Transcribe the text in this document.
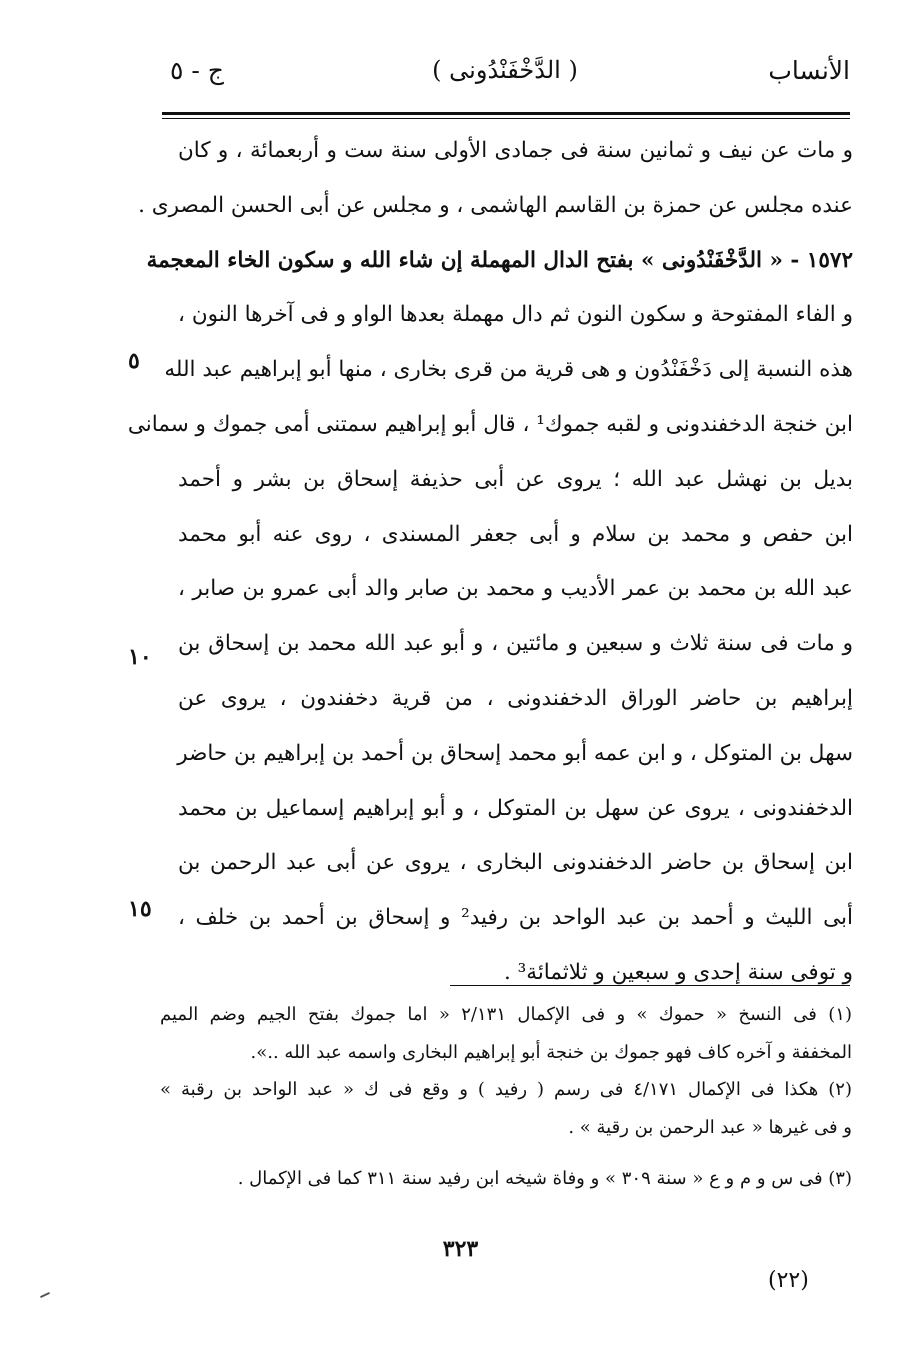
الأنساب
( الدَّخْفَنْدُونى )
ج - ٥
و مات عن نيف و ثمانين سنة فى جمادى الأولى سنة ست و أربعمائة ، و كان
عنده مجلس عن حمزة بن القاسم الهاشمى ، و مجلس عن أبى الحسن المصرى .
١٥٧٢ - « الدَّخْفَنْدُونى » بفتح الدال المهملة إن شاء الله و سكون الخاء المعجمة
و الفاء المفتوحة و سكون النون ثم دال مهملة بعدها الواو و فى آخرها النون ،
هذه النسبة إلى دَخْفَنْدُون و هى قرية من قرى بخارى ، منها أبو إبراهيم عبد الله
ابن خنجة الدخفندونى و لقبه جموك¹ ، قال أبو إبراهيم سمتنى أمى جموك و سمانى
بديل بن نهشل عبد الله ؛ يروى عن أبى حذيفة إسحاق بن بشر و أحمد
ابن حفص و محمد بن سلام و أبى جعفر المسندى ، روى عنه أبو محمد
عبد الله بن محمد بن عمر الأديب و محمد بن صابر والد أبى عمرو بن صابر ،
و مات فى سنة ثلاث و سبعين و مائتين ، و أبو عبد الله محمد بن إسحاق بن
إبراهيم بن حاضر الوراق الدخفندونى ، من قرية دخفندون ، يروى عن
سهل بن المتوكل ، و ابن عمه أبو محمد إسحاق بن أحمد بن إبراهيم بن حاضر
الدخفندونى ، يروى عن سهل بن المتوكل ، و أبو إبراهيم إسماعيل بن محمد
ابن إسحاق بن حاضر الدخفندونى البخارى ، يروى عن أبى عبد الرحمن بن
أبى الليث و أحمد بن عبد الواحد بن رفيد² و إسحاق بن أحمد بن خلف ،
و توفى سنة إحدى و سبعين و ثلاثمائة³ .
٥
١٠
١٥
(١) فى النسخ « حموك » و فى الإكمال ٢/١٣١ « اما جموك بفتح الجيم وضم الميم
المخففة و آخره كاف فهو جموك بن خنجة أبو إبراهيم البخارى واسمه عبد الله ..».
(٢) هكذا فى الإكمال ٤/١٧١ فى رسم ( رفيد ) و وقع فى ك « عبد الواحد بن رقبة »
و فى غيرها « عبد الرحمن بن رقية » .
(٣) فى س و م و ع « سنة ٣٠٩ » و وفاة شيخه ابن رفيد سنة ٣١١ كما فى الإكمال .
٣٢٣
(٢٢)
